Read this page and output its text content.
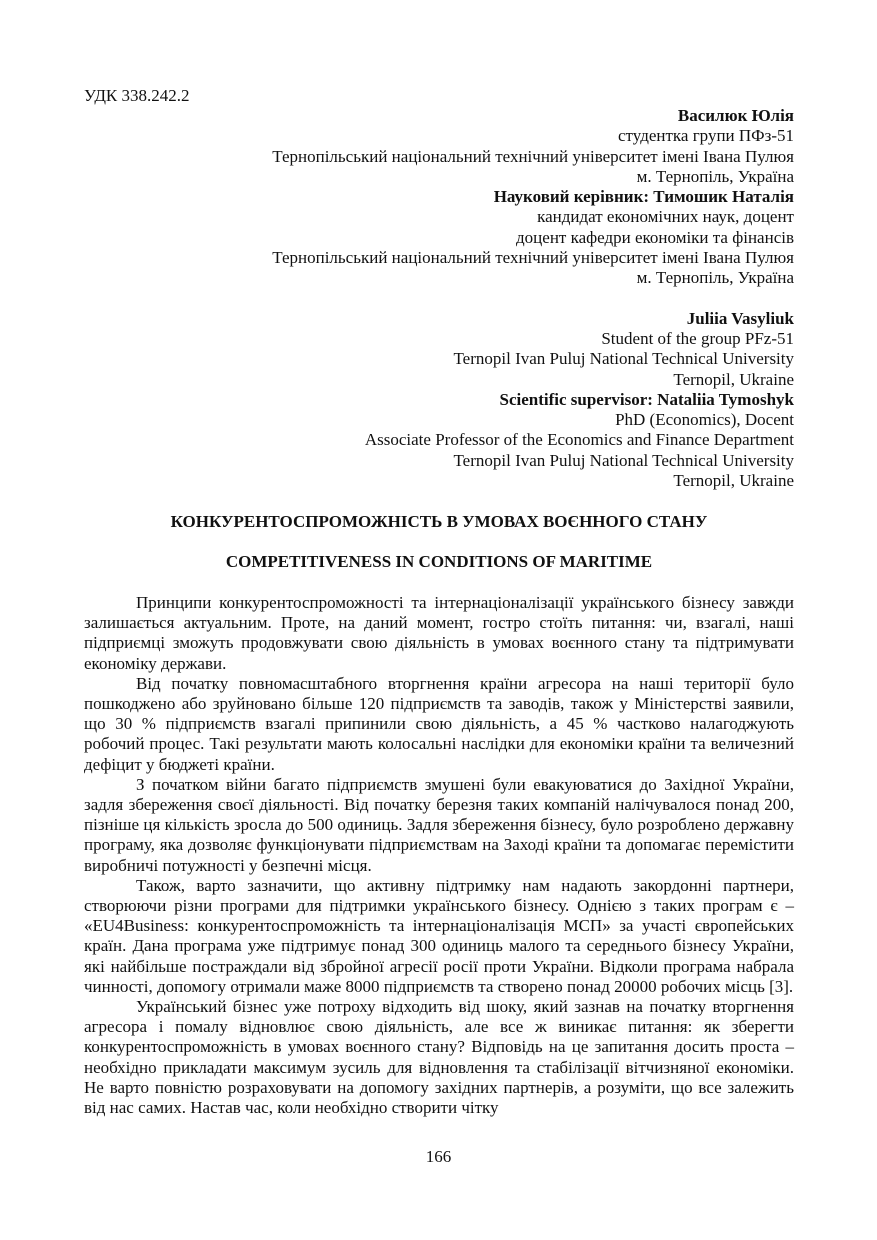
УДК 338.242.2
Василюк Юлія
студентка групи ПФз-51
Тернопільський національний технічний університет імені Івана Пулюя
м. Тернопіль, Україна
Науковий керівник: Тимошик Наталія
кандидат економічних наук, доцент
доцент кафедри економіки та фінансів
Тернопільський національний технічний університет імені Івана Пулюя
м. Тернопіль, Україна
Juliia Vasyliuk
Student of the group PFz-51
Ternopil Ivan Puluj National Technical University
Ternopil, Ukraine
Scientific supervisor: Nataliia Tymoshyk
PhD (Economics), Docent
Associate Professor of the Economics and Finance Department
Ternopil Ivan Puluj National Technical University
Ternopil, Ukraine
КОНКУРЕНТОСПРОМОЖНІСТЬ В УМОВАХ ВОЄННОГО СТАНУ
COMPETITIVENESS IN CONDITIONS OF MARITIME

Принципи конкурентоспроможності та інтернаціоналізації українського бізнесу завжди залишається актуальним. Проте, на даний момент, гостро стоїть питання: чи, взагалі, наші підприємці зможуть продовжувати свою діяльність в умовах воєнного стану та підтримувати економіку держави.

Від початку повномасштабного вторгнення країни агресора на наші території було пошкоджено або зруйновано більше 120 підприємств та заводів, також у Міністерстві заявили, що 30 % підприємств взагалі припинили свою діяльність, а 45 % частково налагоджують робочий процес. Такі результати мають колосальні наслідки для економіки країни та величезний дефіцит у бюджеті країни.

З початком війни багато підприємств змушені були евакуюватися до Західної України, задля збереження своєї діяльності. Від початку березня таких компаній налічувалося понад 200, пізніше ця кількість зросла до 500 одиниць. Задля збереження бізнесу, було розроблено державну програму, яка дозволяє функціонувати підприємствам на Заході країни та допомагає перемістити виробничі потужності у безпечні місця.

Також, варто зазначити, що активну підтримку нам надають закордонні партнери, створюючи різни програми для підтримки українського бізнесу. Однією з таких програм є – «EU4Business: конкурентоспроможність та інтернаціоналізація МСП» за участі європейських країн. Дана програма уже підтримує понад 300 одиниць малого та середнього бізнесу України, які найбільше постраждали від збройної агресії росії проти України. Відколи програма набрала чинності, допомогу отримали маже 8000 підприємств та створено понад 20000 робочих місць [3].

Український бізнес уже потроху відходить від шоку, який зазнав на початку вторгнення агресора і помалу відновлює свою діяльність, але все ж виникає питання: як зберегти конкурентоспроможність в умовах воєнного стану? Відповідь на це запитання досить проста – необхідно прикладати максимум зусиль для відновлення та стабілізації вітчизняної економіки. Не варто повністю розраховувати на допомогу західних партнерів, а розуміти, що все залежить від нас самих. Настав час, коли необхідно створити чітку

166
